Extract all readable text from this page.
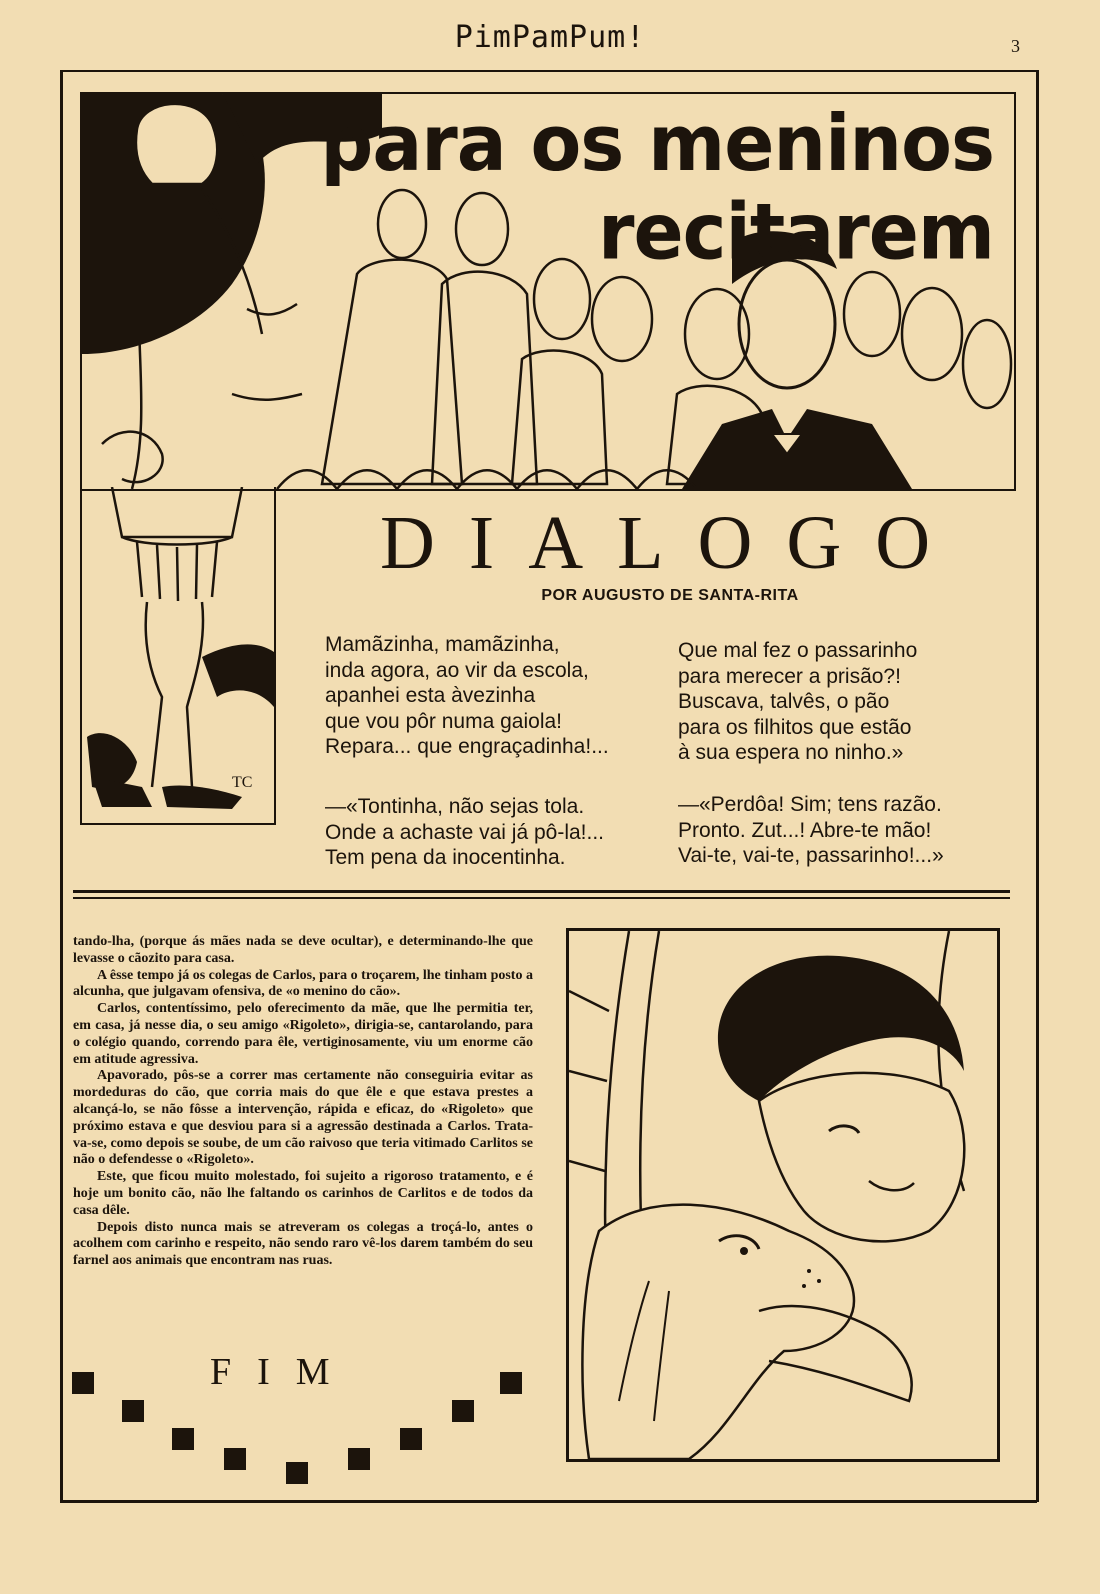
PimPamPum!	3
para os meninos
recitarem
TC
DIALOGO
POR AUGUSTO DE SANTA-RITA
Mamãzinha, mamãzinha,
inda agora, ao vir da escola,
apanhei esta àvezinha
que vou pôr numa gaiola!
Repara... que engraçadinha!...
—«Tontinha, não sejas tola.
Onde a achaste vai já pô-la!...
Tem pena da inocentinha.
Que mal fez o passarinho
para merecer a prisão?!
Buscava, talvês, o pão
para os filhitos que estão
à sua espera no ninho.»
—«Perdôa! Sim; tens razão.
Pronto. Zut...! Abre-te mão!
Vai-te, vai-te, passarinho!...»

tando-lha, (porque ás mães nada se deve ocultar), e determinando-lhe que levasse o cãozito para casa.

A êsse tempo já os colegas de Carlos, para o troçarem, lhe tinham posto a alcunha, que julgavam ofensiva, de «o menino do cão».

Carlos, contentíssimo, pelo oferecimento da mãe, que lhe permitia ter, em casa, já nesse dia, o seu amigo «Rigoleto», dirigia-se, cantarolando, para o colégio quando, correndo para êle, vertiginosamente, viu um enorme cão em atitude agressiva.

Apavorado, pôs-se a correr mas certamente não conseguiria evitar as mordeduras do cão, que corria mais do que êle e que estava prestes a alcançá-lo, se não fôsse a intervenção, rápida e eficaz, do «Rigoleto» que próximo estava e que desviou para si a agressão destinada a Carlos. Trata-va-se, como depois se soube, de um cão raivoso que teria vitimado Carlitos se não o defendesse o «Rigoleto».

Este, que ficou muito molestado, foi sujeito a rigoroso tratamento, e é hoje um bonito cão, não lhe faltando os carinhos de Carlitos e de todos da casa dêle.

Depois disto nunca mais se atreveram os colegas a troçá-lo, antes o acolhem com carinho e respeito, não sendo raro vê-los darem também do seu farnel aos animais que encontram nas ruas.

FIM
